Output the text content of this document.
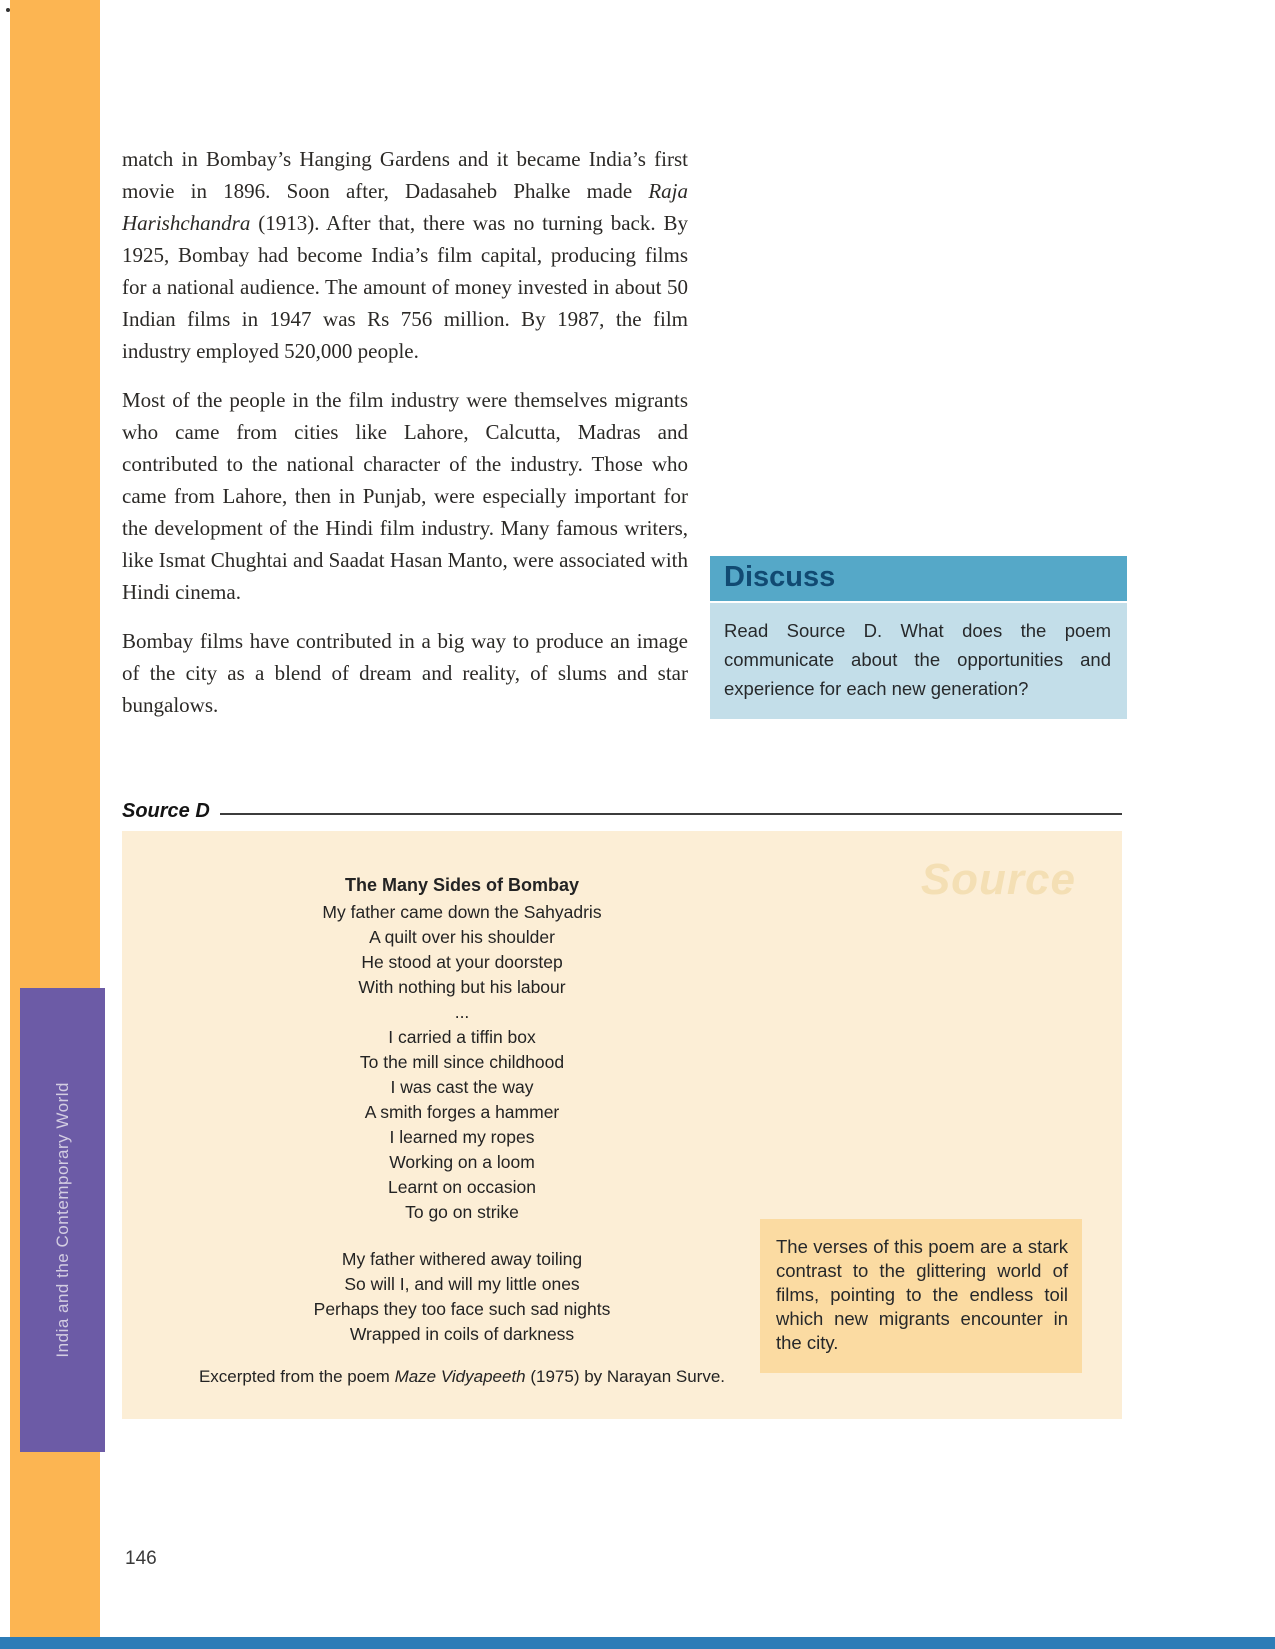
India and the Contemporary World

match in Bombay’s Hanging Gardens and it became India’s first movie in 1896. Soon after, Dadasaheb Phalke made Raja Harishchandra (1913). After that, there was no turning back. By 1925, Bombay had become India’s film capital, producing films for a national audience. The amount of money invested in about 50 Indian films in 1947 was Rs 756 million. By 1987, the film industry employed 520,000 people.

Most of the people in the film industry were themselves migrants who came from cities like Lahore, Calcutta, Madras and contributed to the national character of the industry. Those who came from Lahore, then in Punjab, were especially important for the development of the Hindi film industry. Many famous writers, like Ismat Chughtai and Saadat Hasan Manto, were associated with Hindi cinema.

Bombay films have contributed in a big way to produce an image of the city as a blend of dream and reality, of slums and star bungalows.

Discuss
Read Source D. What does the poem communicate about the opportunities and experience for each new generation?
Source D
Source
The Many Sides of Bombay
My father came down the Sahyadris
A quilt over his shoulder
He stood at your doorstep
With nothing but his labour
...
I carried a tiffin box
To the mill since childhood
I was cast the way
A smith forges a hammer
I learned my ropes
Working on a loom
Learnt on occasion
To go on strike
My father withered away toiling
So will I, and will my little ones
Perhaps they too face such sad nights
Wrapped in coils of darkness
Excerpted from the poem Maze Vidyapeeth (1975) by Narayan Surve.
The verses of this poem are a stark contrast to the glittering world of films, pointing to the endless toil which new migrants encounter in the city.
146
